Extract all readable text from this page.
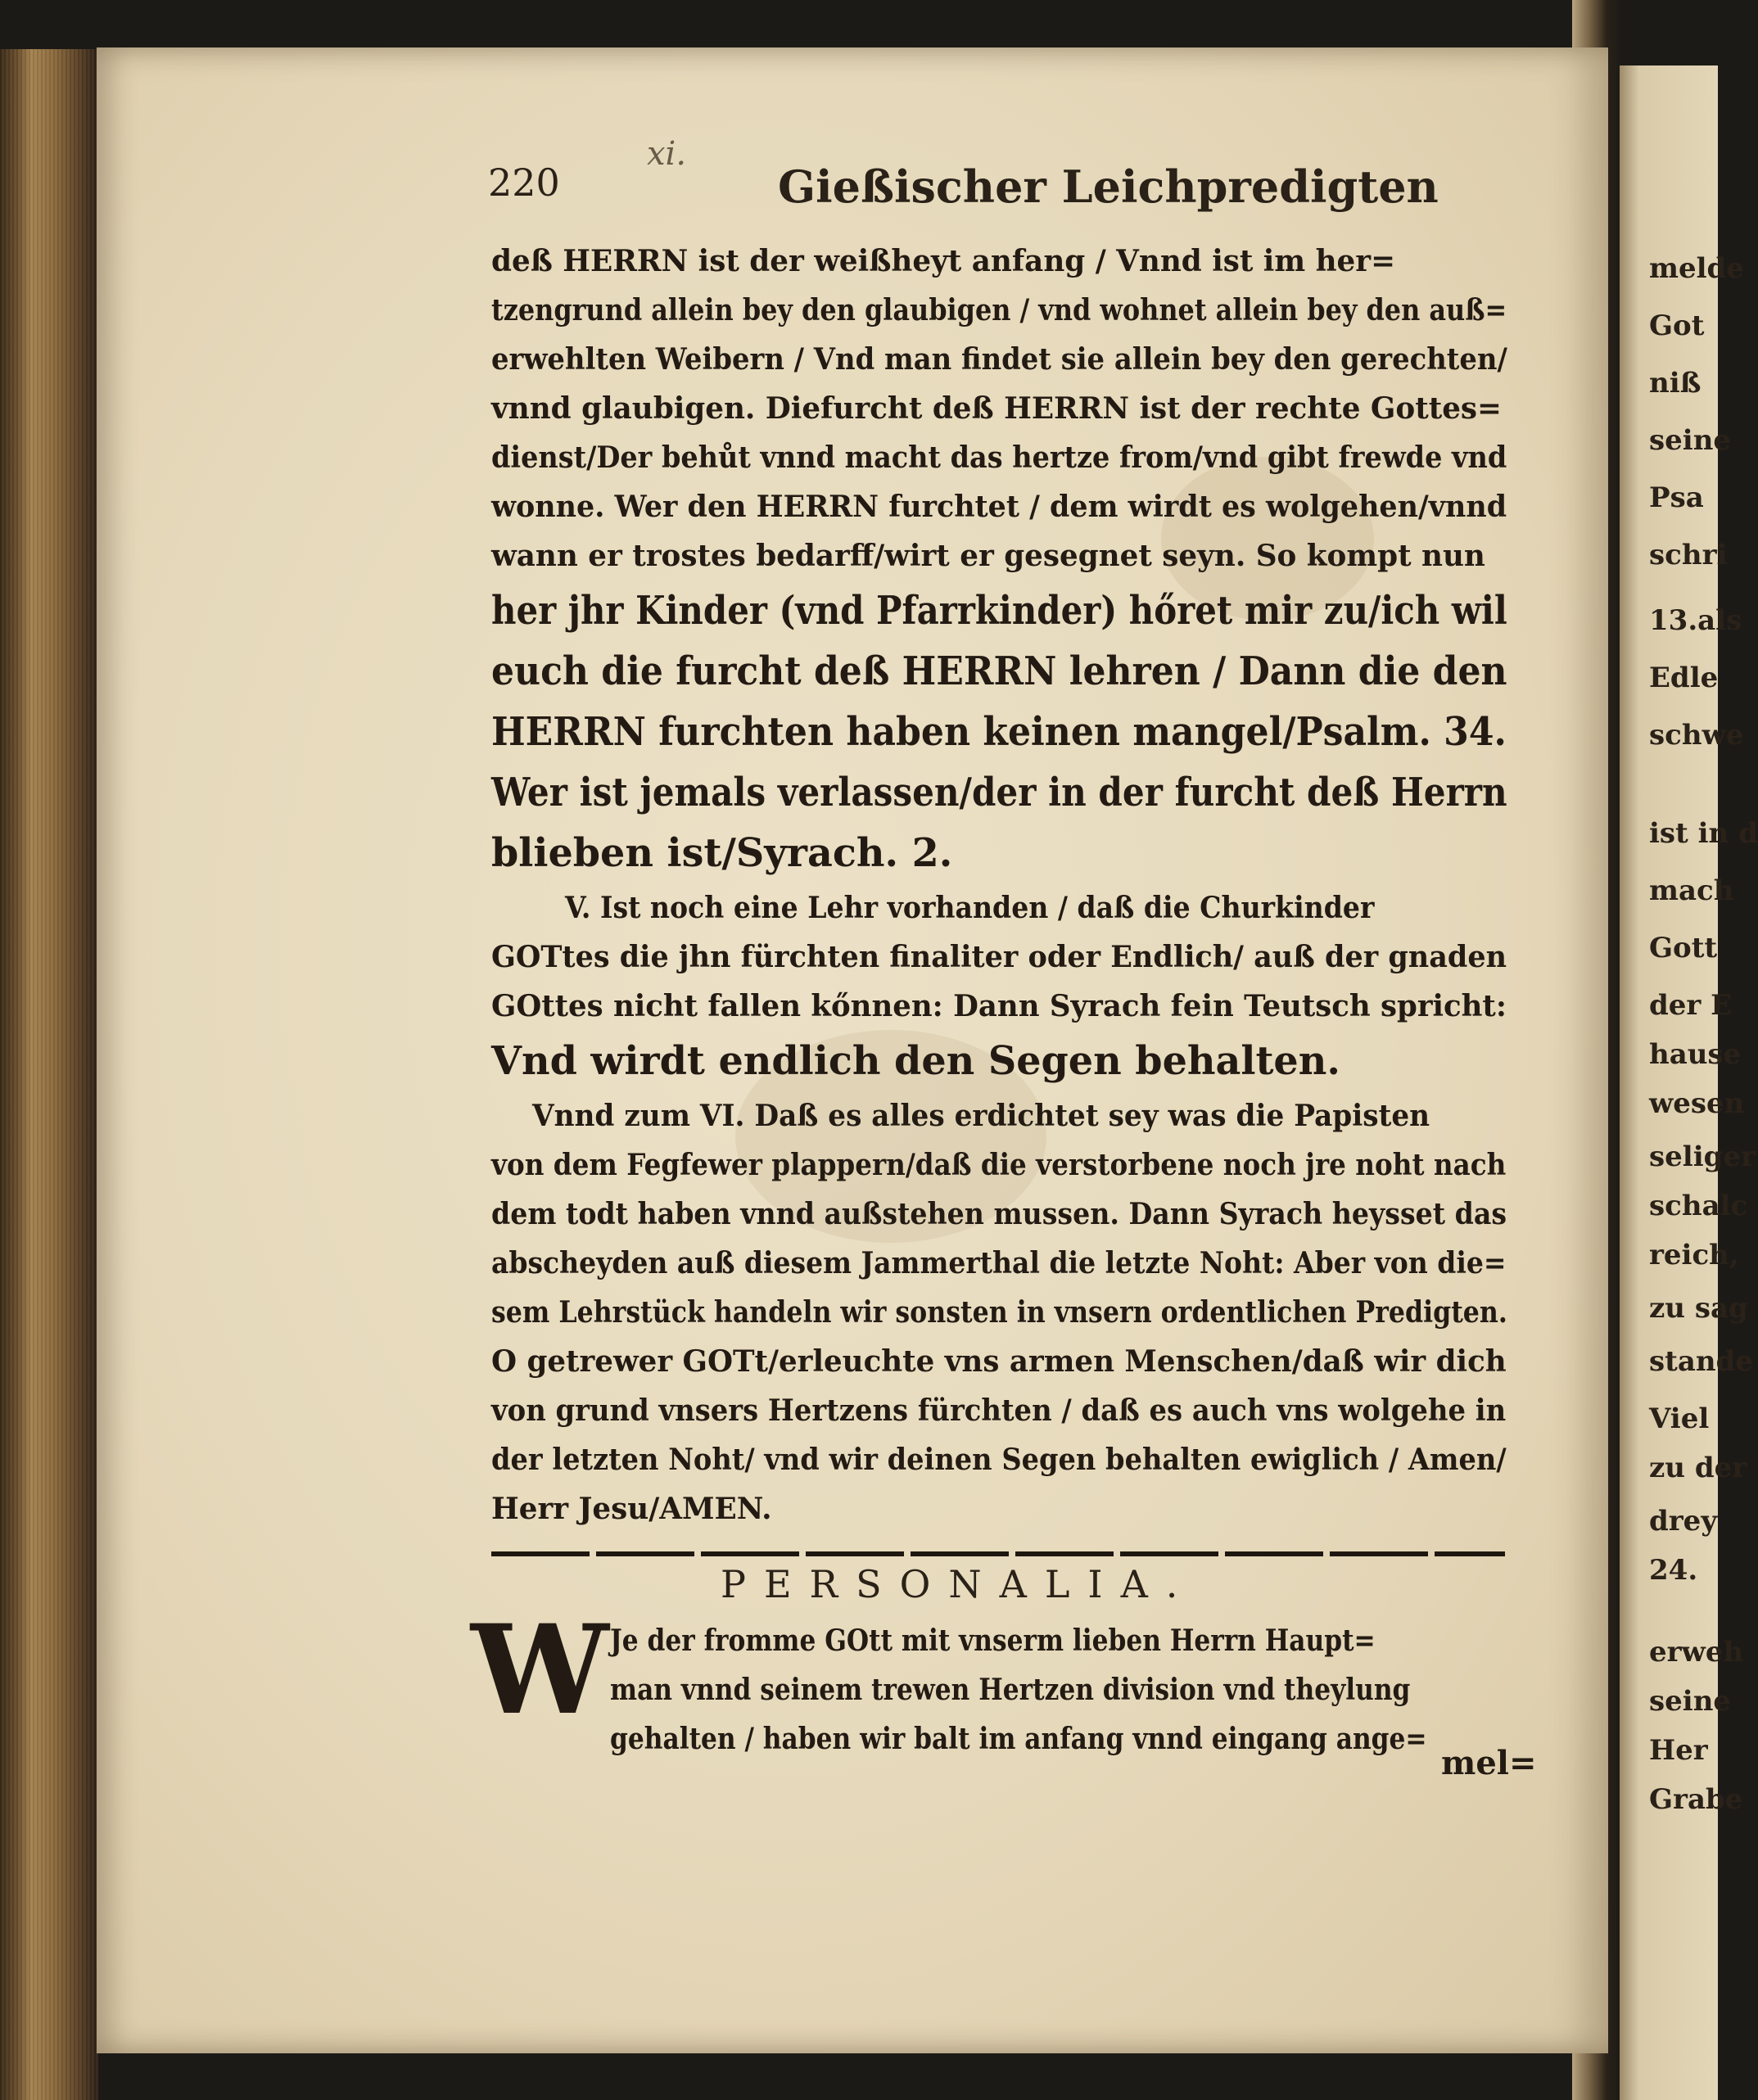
melde
Got
niß
seine
Psa
schri
13.als
Edle
schwe
ist in d
mach
Gott
der E
hause
wesen
seliger
schalc
reich,
zu sag
stande
Viel
zu der
drey
24.
erweh
seine
Her
Grabe
220
xi.
Gießischer Leichpredigten
deß HERRN ist der weißheyt anfang / Vnnd ist im her=
tzengrund allein bey den glaubigen / vnd wohnet allein bey den auß=
erwehlten Weibern / Vnd man findet sie allein bey den gerechten/
vnnd glaubigen. Diefurcht deß HERRN ist der rechte Gottes=
dienst/Der behůt vnnd macht das hertze from/vnd gibt frewde vnd
wonne. Wer den HERRN furchtet / dem wirdt es wolgehen/vnnd
wann er trostes bedarff/wirt er gesegnet seyn. So kompt nun
her jhr Kinder (vnd Pfarrkinder) hőret mir zu/ich wil
euch die furcht deß HERRN lehren / Dann die den
HERRN furchten haben keinen mangel/Psalm. 34.
Wer ist jemals verlassen/der in der furcht deß Herrn
blieben ist/Syrach. 2.
V. Ist noch eine Lehr vorhanden / daß die Churkinder
GOTtes die jhn fürchten finaliter oder Endlich/ auß der gnaden
GOttes nicht fallen kőnnen: Dann Syrach fein Teutsch spricht:
Vnd wirdt endlich den Segen behalten.
Vnnd zum VI. Daß es alles erdichtet sey was die Papisten
von dem Fegfewer plappern/daß die verstorbene noch jre noht nach
dem todt haben vnnd außstehen mussen. Dann Syrach heysset das
abscheyden auß diesem Jammerthal die letzte Noht: Aber von die=
sem Lehrstück handeln wir sonsten in vnsern ordentlichen Predigten.
O getrewer GOTt/erleuchte vns armen Menschen/daß wir dich
von grund vnsers Hertzens fürchten / daß es auch vns wolgehe in
der letzten Noht/ vnd wir deinen Segen behalten ewiglich / Amen/
Herr Jesu/AMEN.
PERSONALIA.
W Je der fromme GOtt mit vnserm lieben Herrn Haupt=
man vnnd seinem trewen Hertzen division vnd theylung
gehalten / haben wir balt im anfang vnnd eingang ange=
mel=
